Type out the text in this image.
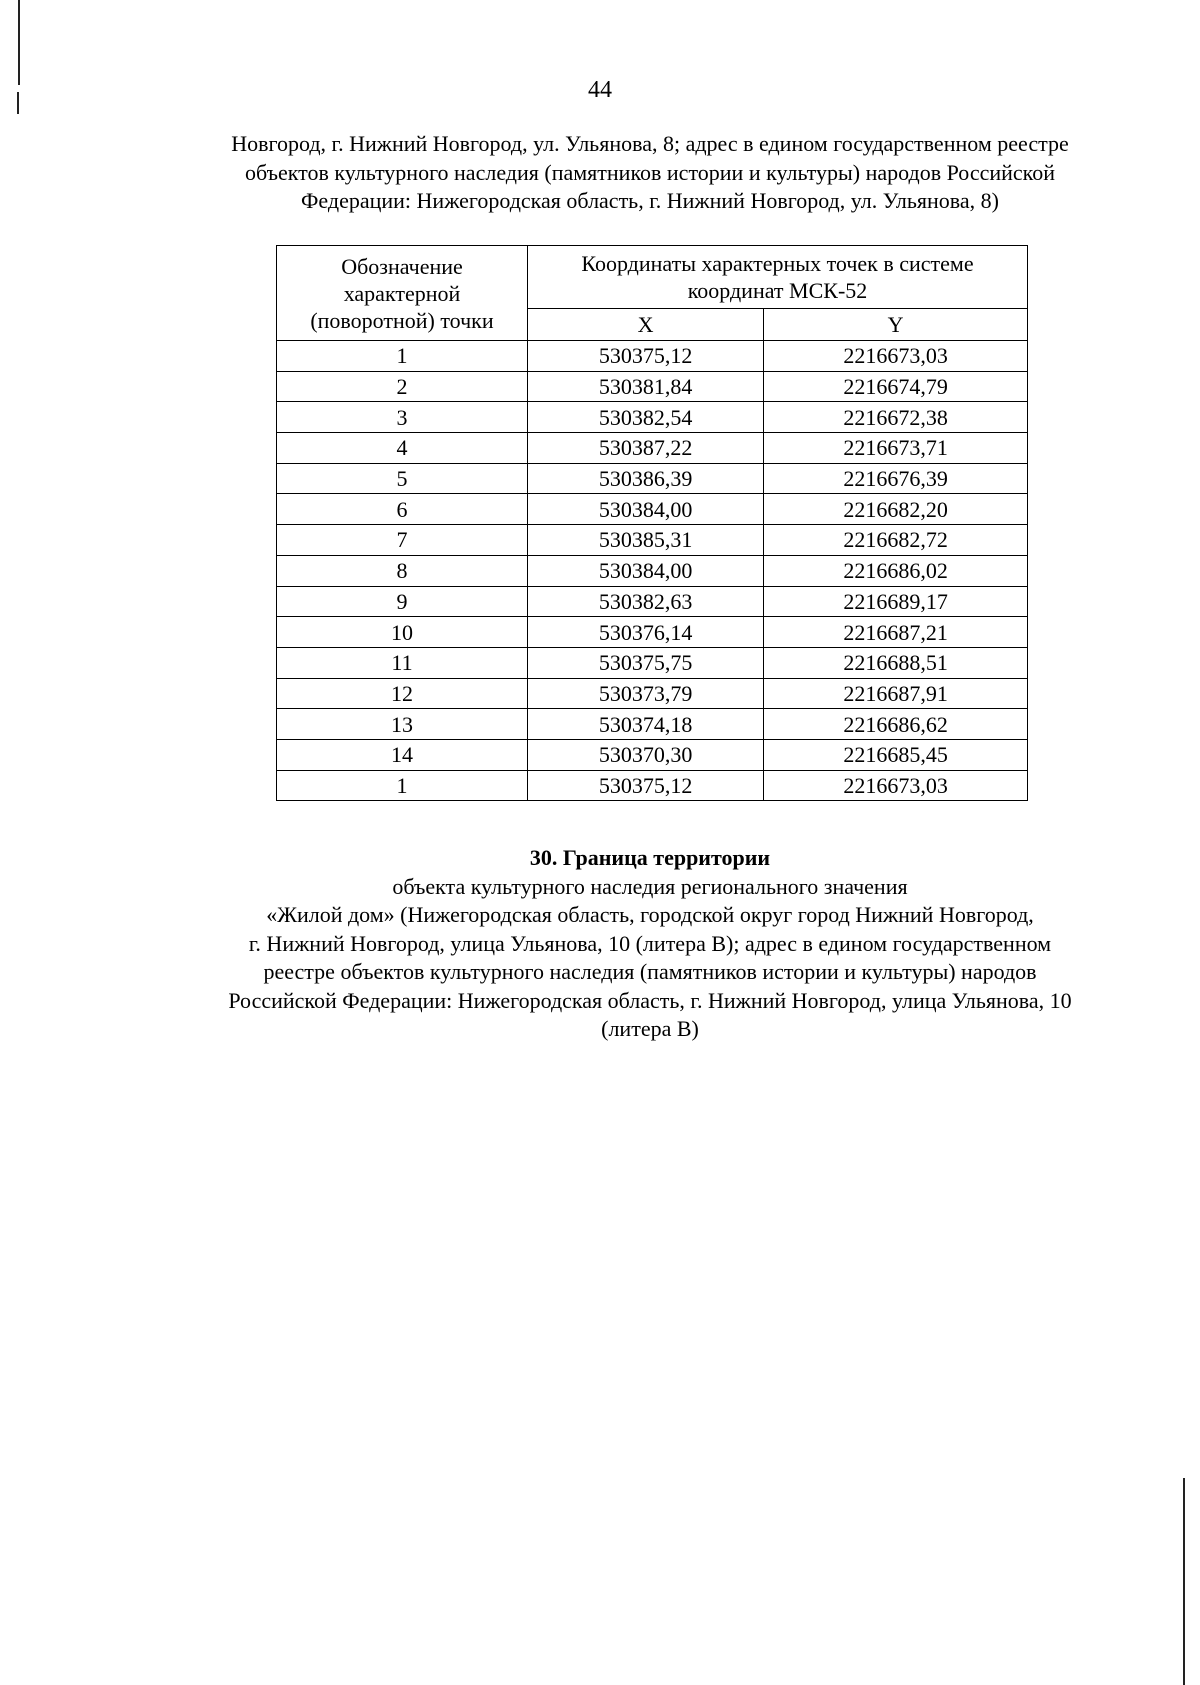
44
Новгород, г. Нижний Новгород, ул. Ульянова, 8; адрес в едином государственном реестре
объектов культурного наследия (памятников истории и культуры) народов Российской
Федерации: Нижегородская область, г. Нижний Новгород, ул. Ульянова, 8)
Обозначение
характерной
(поворотной) точки	Координаты характерных точек в системе
координат МСК-52	

	X	Y
1	530375,12	2216673,03
2	530381,84	2216674,79
3	530382,54	2216672,38
4	530387,22	2216673,71
5	530386,39	2216676,39
6	530384,00	2216682,20
7	530385,31	2216682,72
8	530384,00	2216686,02
9	530382,63	2216689,17
10	530376,14	2216687,21
11	530375,75	2216688,51
12	530373,79	2216687,91
13	530374,18	2216686,62
14	530370,30	2216685,45
1	530375,12	2216673,03
30. Граница территории
объекта культурного наследия регионального значения
«Жилой дом» (Нижегородская область, городской округ город Нижний Новгород,
г. Нижний Новгород, улица Ульянова, 10 (литера В); адрес в едином государственном
реестре объектов культурного наследия (памятников истории и культуры) народов
Российской Федерации: Нижегородская область, г. Нижний Новгород, улица Ульянова, 10
(литера В)
